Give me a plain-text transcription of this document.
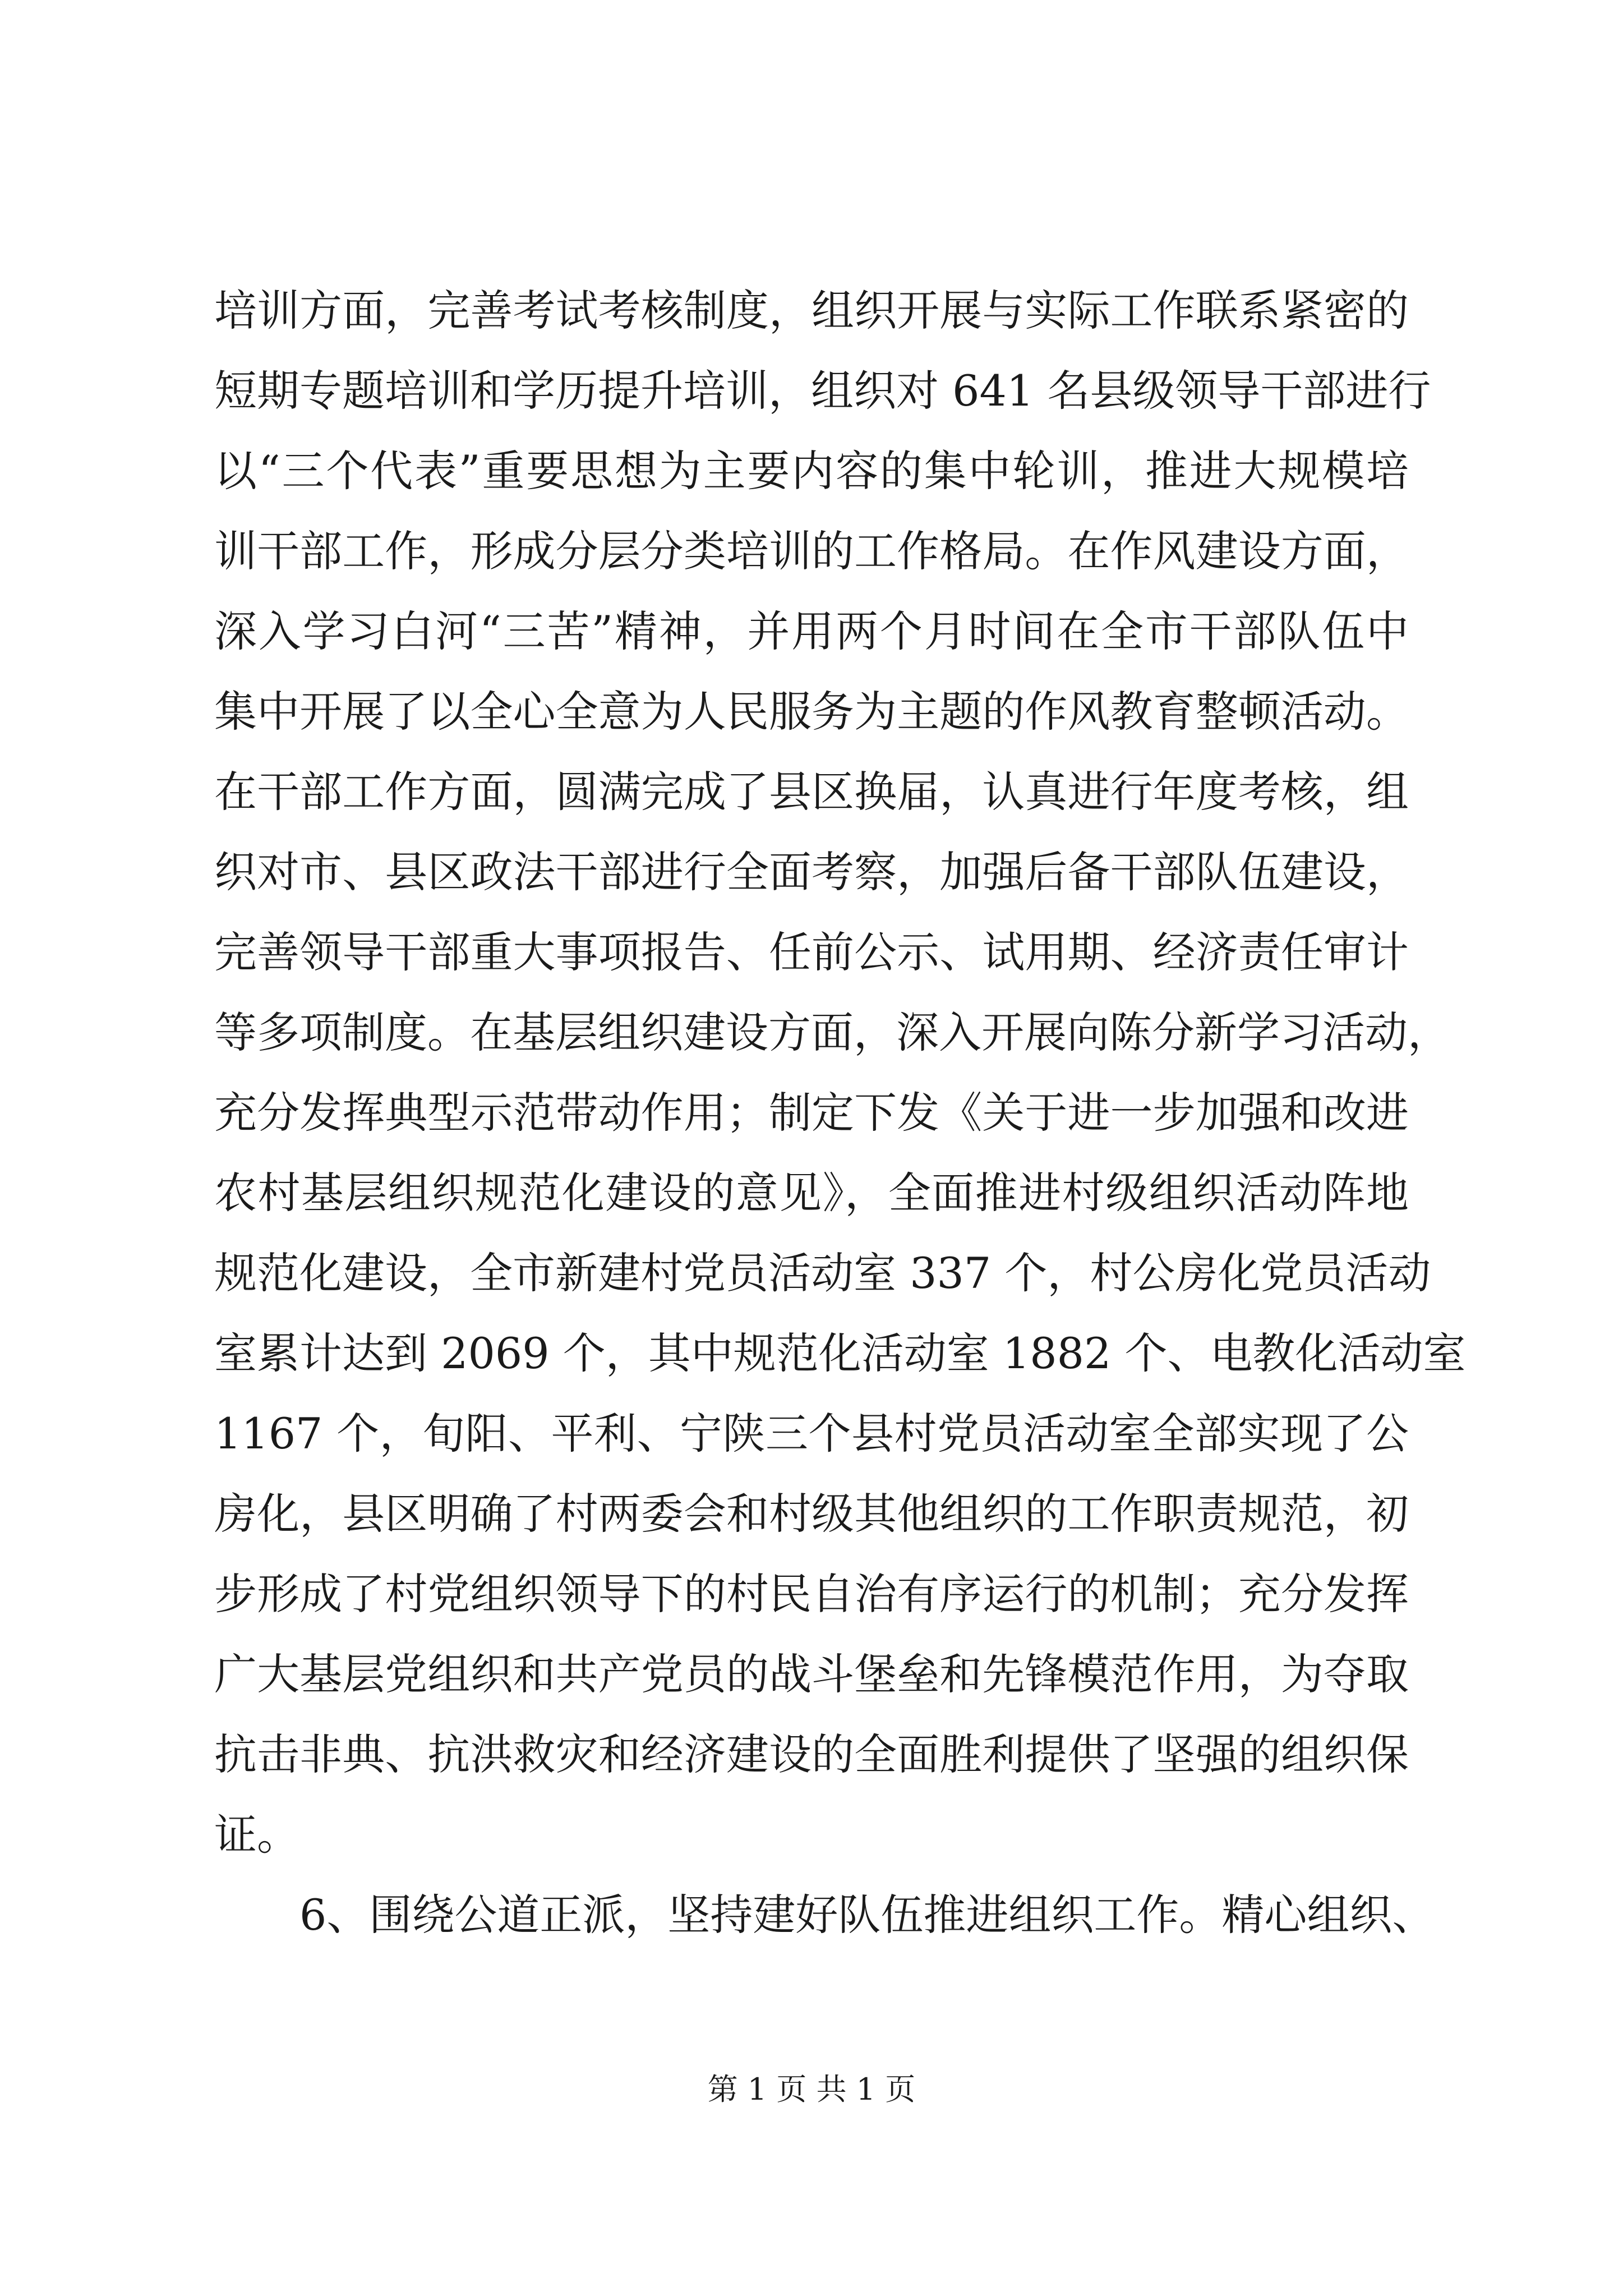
培训方面，完善考试考核制度，组织开展与实际工作联系紧密的
短期专题培训和学历提升培训，组织对 641 名县级领导干部进行
以“三个代表”重要思想为主要内容的集中轮训，推进大规模培
训干部工作，形成分层分类培训的工作格局。在作风建设方面，
深入学习白河“三苦”精神，并用两个月时间在全市干部队伍中
集中开展了以全心全意为人民服务为主题的作风教育整顿活动。
在干部工作方面，圆满完成了县区换届，认真进行年度考核，组
织对市、县区政法干部进行全面考察，加强后备干部队伍建设，
完善领导干部重大事项报告、任前公示、试用期、经济责任审计
等多项制度。在基层组织建设方面，深入开展向陈分新学习活动，
充分发挥典型示范带动作用；制定下发《关于进一步加强和改进
农村基层组织规范化建设的意见》，全面推进村级组织活动阵地
规范化建设，全市新建村党员活动室 337 个，村公房化党员活动
室累计达到 2069 个，其中规范化活动室 1882 个、电教化活动室
1167 个，旬阳、平利、宁陕三个县村党员活动室全部实现了公
房化，县区明确了村两委会和村级其他组织的工作职责规范，初
步形成了村党组织领导下的村民自治有序运行的机制；充分发挥
广大基层党组织和共产党员的战斗堡垒和先锋模范作用，为夺取
抗击非典、抗洪救灾和经济建设的全面胜利提供了坚强的组织保
证。
6、围绕公道正派，坚持建好队伍推进组织工作。精心组织、
第 1 页 共 1 页
